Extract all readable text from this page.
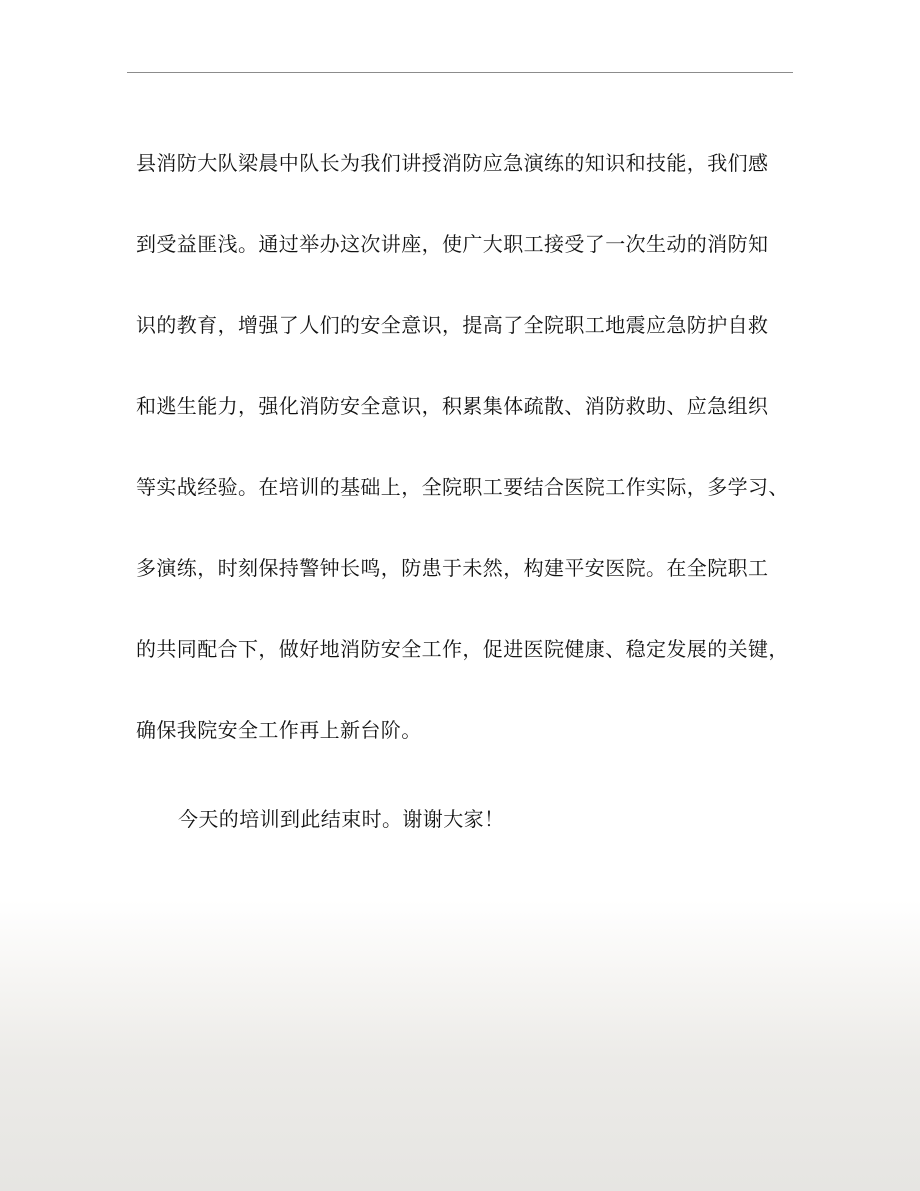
县消防大队梁晨中队长为我们讲授消防应急演练的知识和技能，我们感

到受益匪浅。通过举办这次讲座，使广大职工接受了一次生动的消防知

识的教育，增强了人们的安全意识，提高了全院职工地震应急防护自救

和逃生能力，强化消防安全意识，积累集体疏散、消防救助、应急组织

等实战经验。在培训的基础上，全院职工要结合医院工作实际，多学习、

多演练，时刻保持警钟长鸣，防患于未然，构建平安医院。在全院职工

的共同配合下，做好地消防安全工作，促进医院健康、稳定发展的关键，

确保我院安全工作再上新台阶。

今天的培训到此结束时。谢谢大家！
